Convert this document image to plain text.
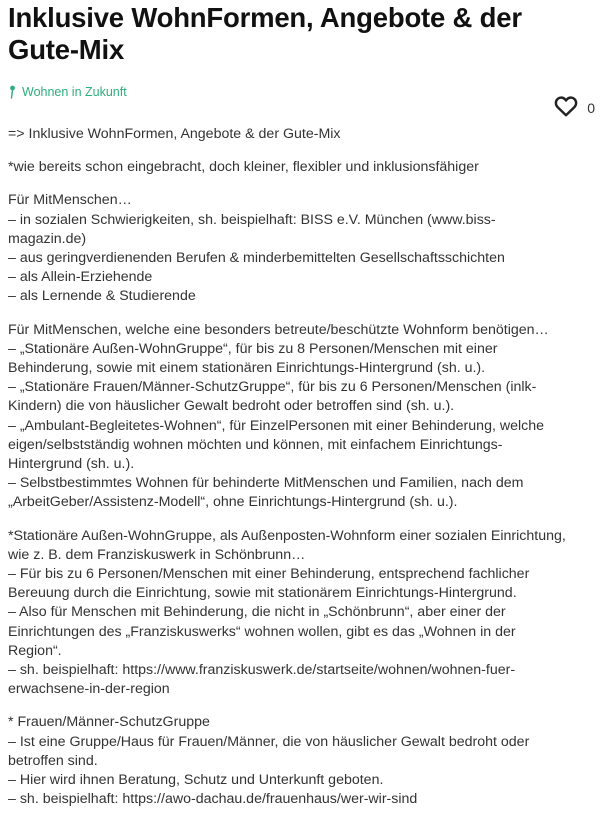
Inklusive WohnFormen, Angebote & der Gute-Mix
Wohnen in Zukunft
0

=> Inklusive WohnFormen, Angebote & der Gute-Mix

*wie bereits schon eingebracht, doch kleiner, flexibler und inklusionsfähiger

Für MitMenschen…
– in sozialen Schwierigkeiten, sh. beispielhaft: BISS e.V. München (www.biss-
magazin.de)
– aus geringverdienenden Berufen & minderbemittelten Gesellschaftsschichten
– als Allein-Erziehende
– als Lernende & Studierende

Für MitMenschen, welche eine besonders betreute/beschützte Wohnform benötigen…
– „Stationäre Außen-WohnGruppe“, für bis zu 8 Personen/Menschen mit einer
Behinderung, sowie mit einem stationären Einrichtungs-Hintergrund (sh. u.).
– „Stationäre Frauen/Männer-SchutzGruppe“, für bis zu 6 Personen/Menschen (inlk-
Kindern) die von häuslicher Gewalt bedroht oder betroffen sind (sh. u.).
– „Ambulant-Begleitetes-Wohnen“, für EinzelPersonen mit einer Behinderung, welche
eigen/selbstständig wohnen möchten und können, mit einfachem Einrichtungs-
Hintergrund (sh. u.).
– Selbstbestimmtes Wohnen für behinderte MitMenschen und Familien, nach dem
„ArbeitGeber/Assistenz-Modell“, ohne Einrichtungs-Hintergrund (sh. u.).

*Stationäre Außen-WohnGruppe, als Außenposten-Wohnform einer sozialen Einrichtung,
wie z. B. dem Franziskuswerk in Schönbrunn…
– Für bis zu 6 Personen/Menschen mit einer Behinderung, entsprechend fachlicher
Bereuung durch die Einrichtung, sowie mit stationärem Einrichtungs-Hintergrund.
– Also für Menschen mit Behinderung, die nicht in „Schönbrunn“, aber einer der
Einrichtungen des „Franziskuswerks“ wohnen wollen, gibt es das „Wohnen in der
Region“.
– sh. beispielhaft: https://www.franziskuswerk.de/startseite/wohnen/wohnen-fuer-
erwachsene-in-der-region

* Frauen/Männer-SchutzGruppe
– Ist eine Gruppe/Haus für Frauen/Männer, die von häuslicher Gewalt bedroht oder
betroffen sind.
– Hier wird ihnen Beratung, Schutz und Unterkunft geboten.
– sh. beispielhaft: https://awo-dachau.de/frauenhaus/wer-wir-sind
